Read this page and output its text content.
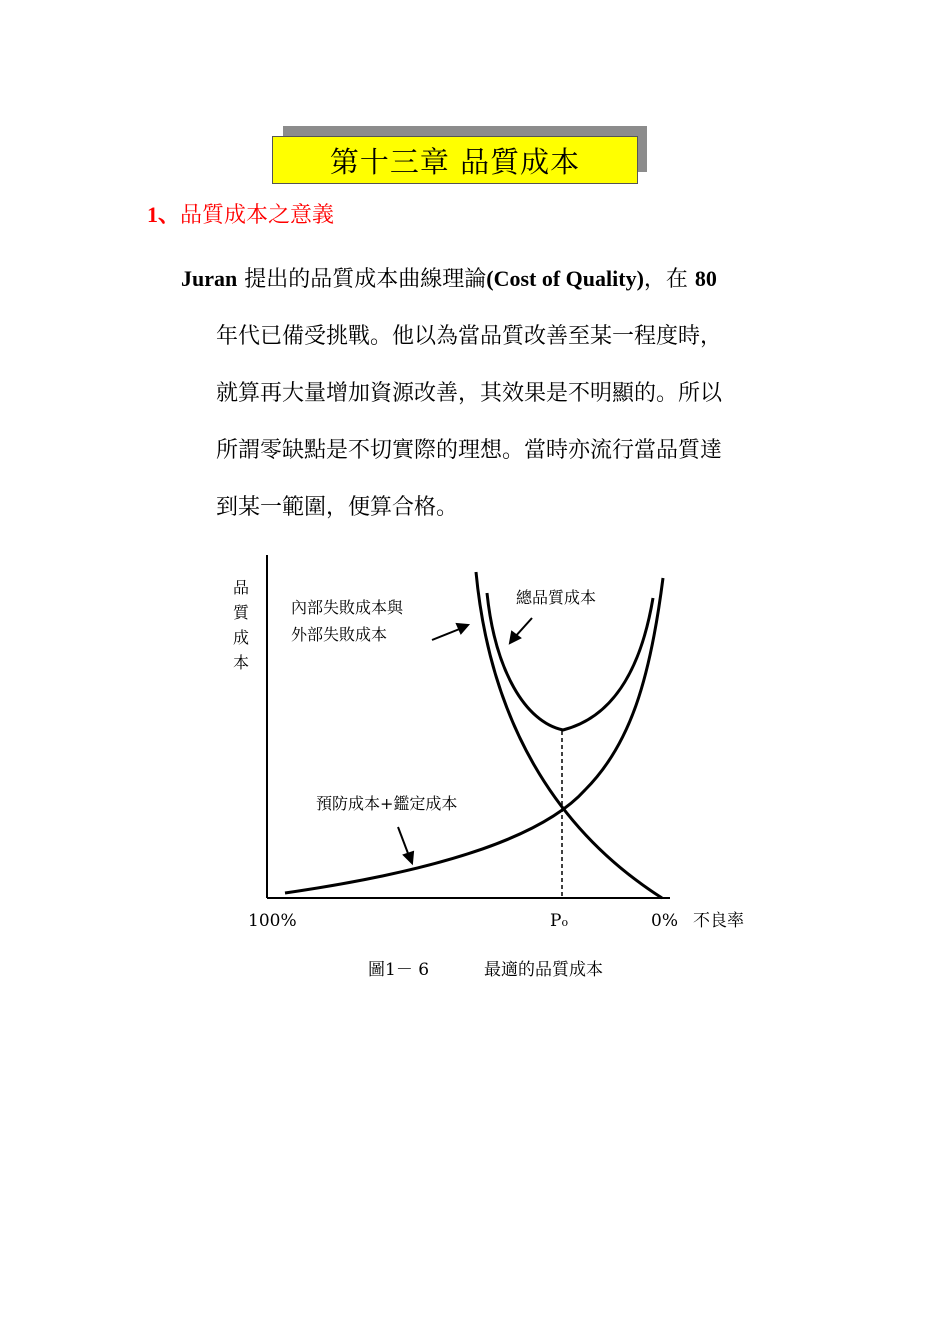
第十三章 品質成本
1、品質成本之意義
Juran 提出的品質成本曲線理論(Cost of Quality)，在 80
年代已備受挑戰。他以為當品質改善至某一程度時，
就算再大量增加資源改善，其效果是不明顯的。所以
所謂零缺點是不切實際的理想。當時亦流行當品質達
到某一範圍，便算合格。
品
質
成
本
內部失敗成本與
外部失敗成本
總品質成本
預防成本+鑑定成本
100%	Po	0% 不良率
圖1－ 6	最適的品質成本
